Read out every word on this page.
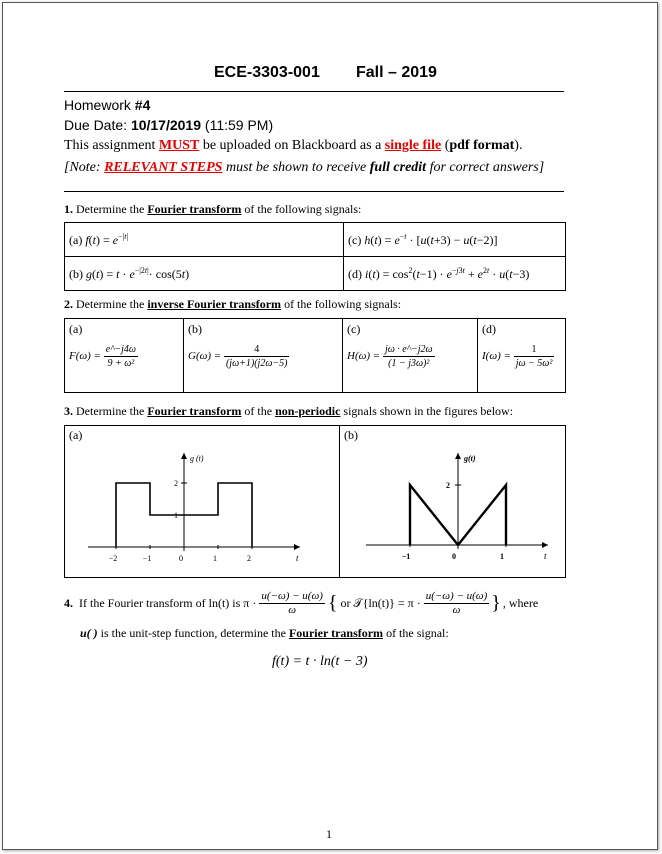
ECE-3303-001 Fall – 2019
Homework #4
Due Date: 10/17/2019 (11:59 PM)
This assignment MUST be uploaded on Blackboard as a single file (pdf format).
[Note: RELEVANT STEPS must be shown to receive full credit for correct answers]
1. Determine the Fourier transform of the following signals:
(a) $f(t) = e^{-|t|}$	(c) $h(t) = e^{-t} \cdot [u(t+3) - u(t-2)]$
(b) $g(t) = t \cdot e^{-|2t|}\cdot \cos(5t)$	(d) $i(t) = \cos^2(t-1) \cdot e^{-j3t} + e^{2t} \cdot u(t-3)$
2. Determine the inverse Fourier transform of the following signals:
(a)
$F(\omega) = \frac{e\^{}-j4\omega}{\text{9 + ω²}}$

(b)
$G(\omega) = \frac{4}{(j\omega+1)(j2\omega-5)}$

(c)
$H(\omega) = \frac{j\omega \cdot e\^{}-j2\omega}{\text{(1 − j3ω)²}}$

(d)
$I(\omega) = \frac{1}{\text{jω − 5ω²}}$
3. Determine the Fourier transform of the non-periodic signals shown in the figures below:
(a)	(b)
g (t)
t
−2	−1	0	1	2
2
1
g(t)
t
−1	0	1
2
4.
If the Fourier transform of ln(t) is π ·
$\frac{u(-\omega) - u(\omega)}{\omega}$ { or 𝒯{ln(t)} = π ·
$\frac{u(-\omega) - u(\omega)}{\omega}$ } , where
u( ) is the unit-step function, determine the Fourier transform of the signal:
f(t) = t · ln(t − 3)
1
